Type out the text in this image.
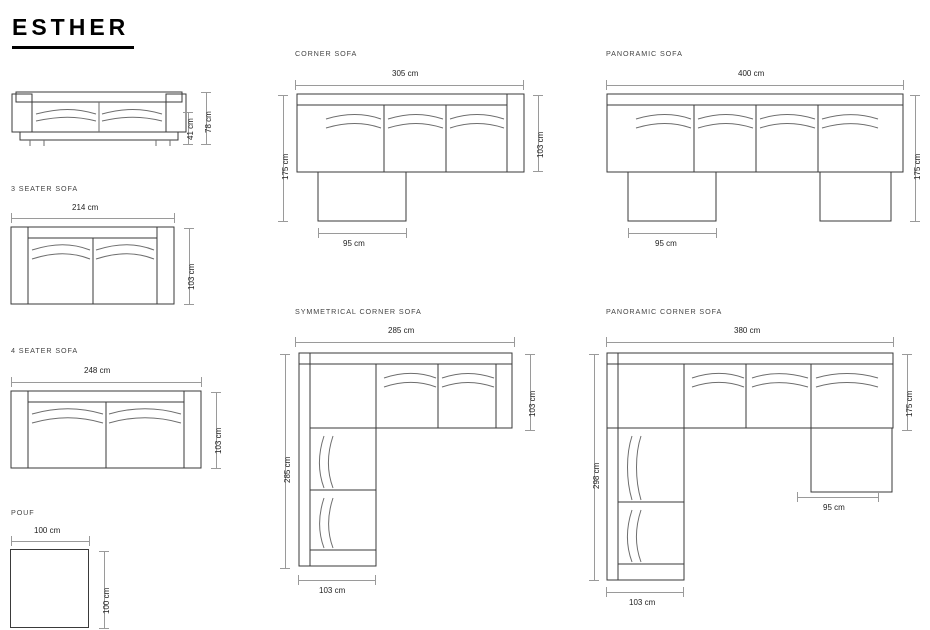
ESTHER
78 cm
41 cm
3 SEATER SOFA
214 cm
103 cm
4 SEATER SOFA
248 cm
103 cm
POUF
100 cm
100 cm
CORNER SOFA
305 cm
103 cm
175 cm
95 cm
PANORAMIC SOFA
400 cm
175 cm
95 cm
SYMMETRICAL CORNER SOFA
285 cm
103 cm
285 cm
103 cm
PANORAMIC CORNER SOFA
380 cm
175 cm
298 cm
95 cm
103 cm
